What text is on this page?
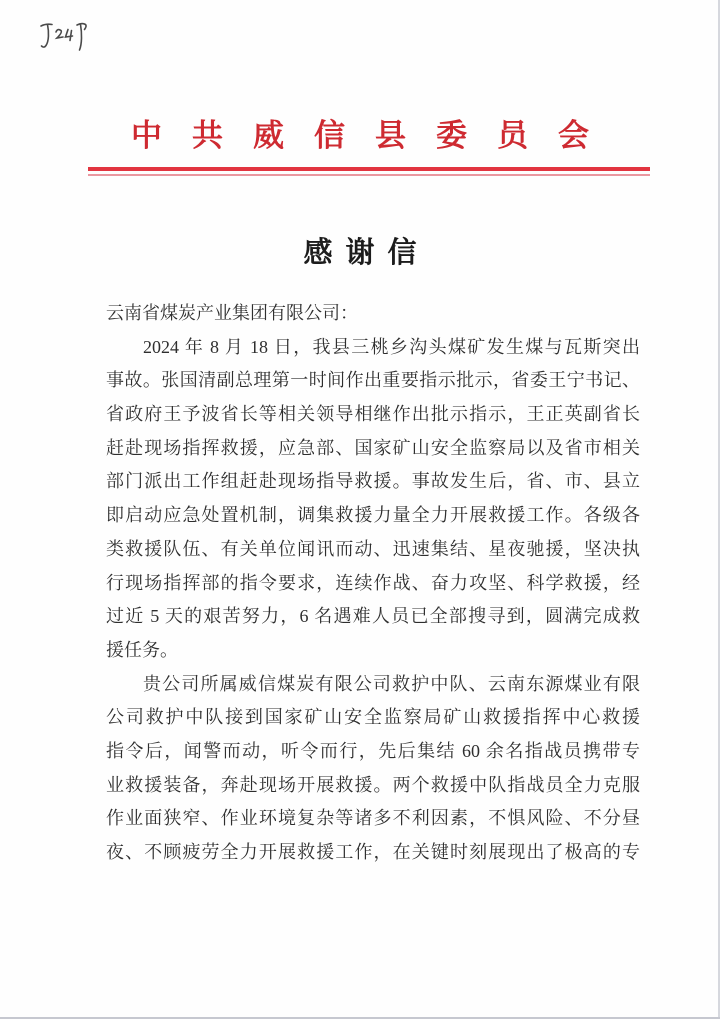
中共威信县委员会
感谢信
云南省煤炭产业集团有限公司：
2024 年 8 月 18 日，我县三桃乡沟头煤矿发生煤与瓦斯突出
事故。张国清副总理第一时间作出重要指示批示，省委王宁书记、
省政府王予波省长等相关领导相继作出批示指示，王正英副省长
赶赴现场指挥救援，应急部、国家矿山安全监察局以及省市相关
部门派出工作组赶赴现场指导救援。事故发生后，省、市、县立
即启动应急处置机制，调集救援力量全力开展救援工作。各级各
类救援队伍、有关单位闻讯而动、迅速集结、星夜驰援，坚决执
行现场指挥部的指令要求，连续作战、奋力攻坚、科学救援，经
过近 5 天的艰苦努力，6 名遇难人员已全部搜寻到，圆满完成救
援任务。
贵公司所属威信煤炭有限公司救护中队、云南东源煤业有限
公司救护中队接到国家矿山安全监察局矿山救援指挥中心救援
指令后，闻警而动，听令而行，先后集结 60 余名指战员携带专
业救援装备，奔赴现场开展救援。两个救援中队指战员全力克服
作业面狭窄、作业环境复杂等诸多不利因素，不惧风险、不分昼
夜、不顾疲劳全力开展救援工作，在关键时刻展现出了极高的专
